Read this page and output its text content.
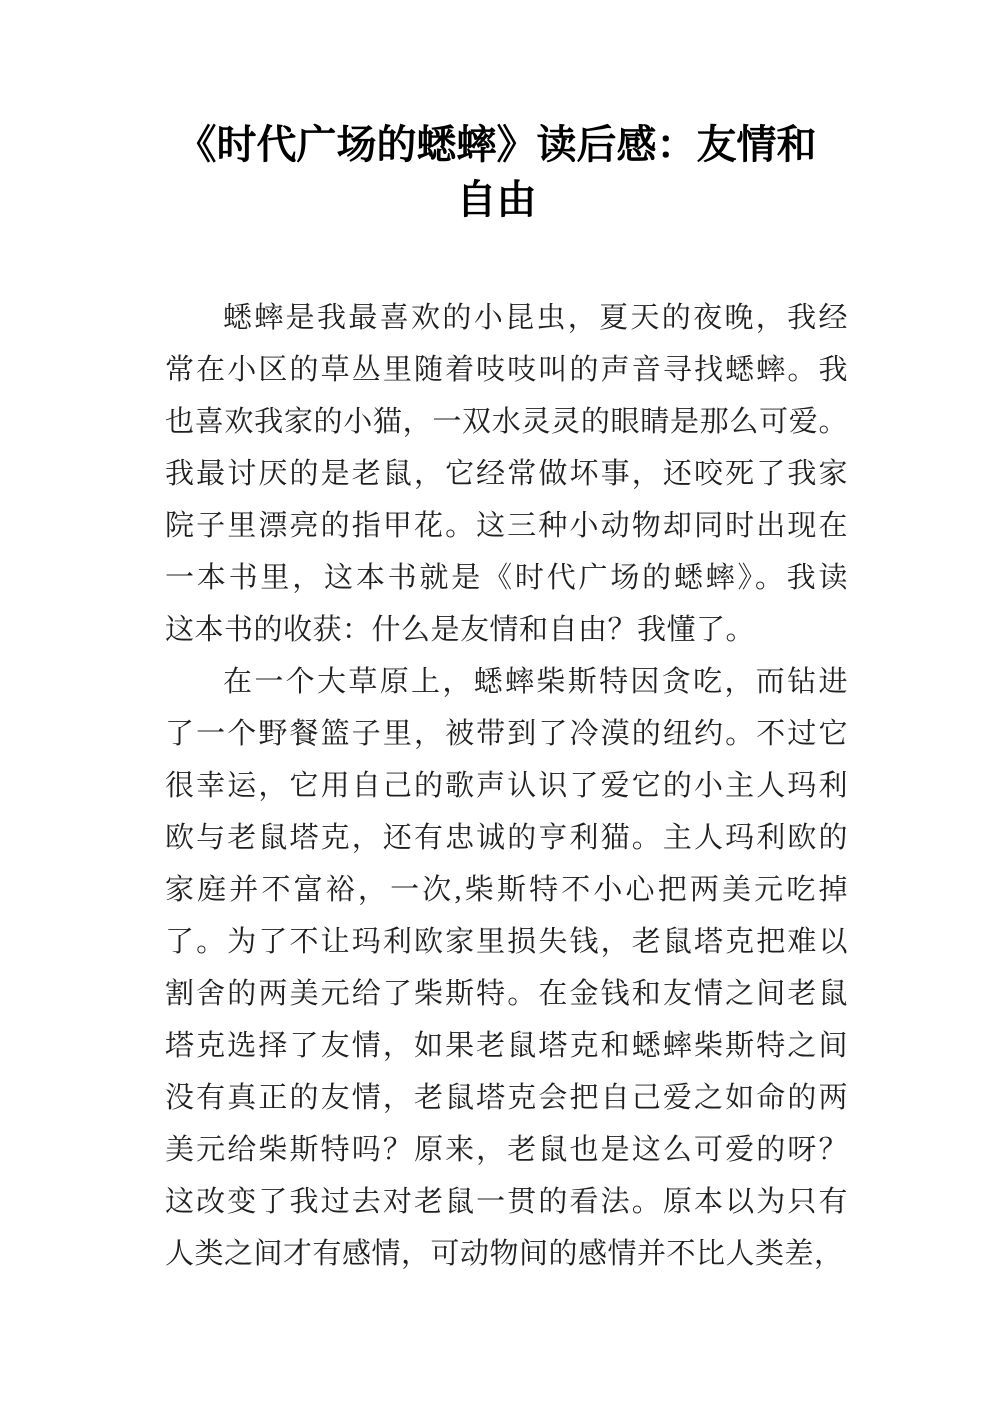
《时代广场的蟋蟀》读后感：友情和
自由
蟋蟀是我最喜欢的小昆虫，夏天的夜晚，我经
常在小区的草丛里随着吱吱叫的声音寻找蟋蟀。我
也喜欢我家的小猫，一双水灵灵的眼睛是那么可爱。
我最讨厌的是老鼠，它经常做坏事，还咬死了我家
院子里漂亮的指甲花。这三种小动物却同时出现在
一本书里，这本书就是《时代广场的蟋蟀》。我读
这本书的收获：什么是友情和自由？我懂了。
在一个大草原上，蟋蟀柴斯特因贪吃，而钻进
了一个野餐篮子里，被带到了冷漠的纽约。不过它
很幸运，它用自己的歌声认识了爱它的小主人玛利
欧与老鼠塔克，还有忠诚的亨利猫。主人玛利欧的
家庭并不富裕，一次,柴斯特不小心把两美元吃掉
了。为了不让玛利欧家里损失钱，老鼠塔克把难以
割舍的两美元给了柴斯特。在金钱和友情之间老鼠
塔克选择了友情，如果老鼠塔克和蟋蟀柴斯特之间
没有真正的友情，老鼠塔克会把自己爱之如命的两
美元给柴斯特吗？原来，老鼠也是这么可爱的呀？
这改变了我过去对老鼠一贯的看法。原本以为只有
人类之间才有感情，可动物间的感情并不比人类差，
